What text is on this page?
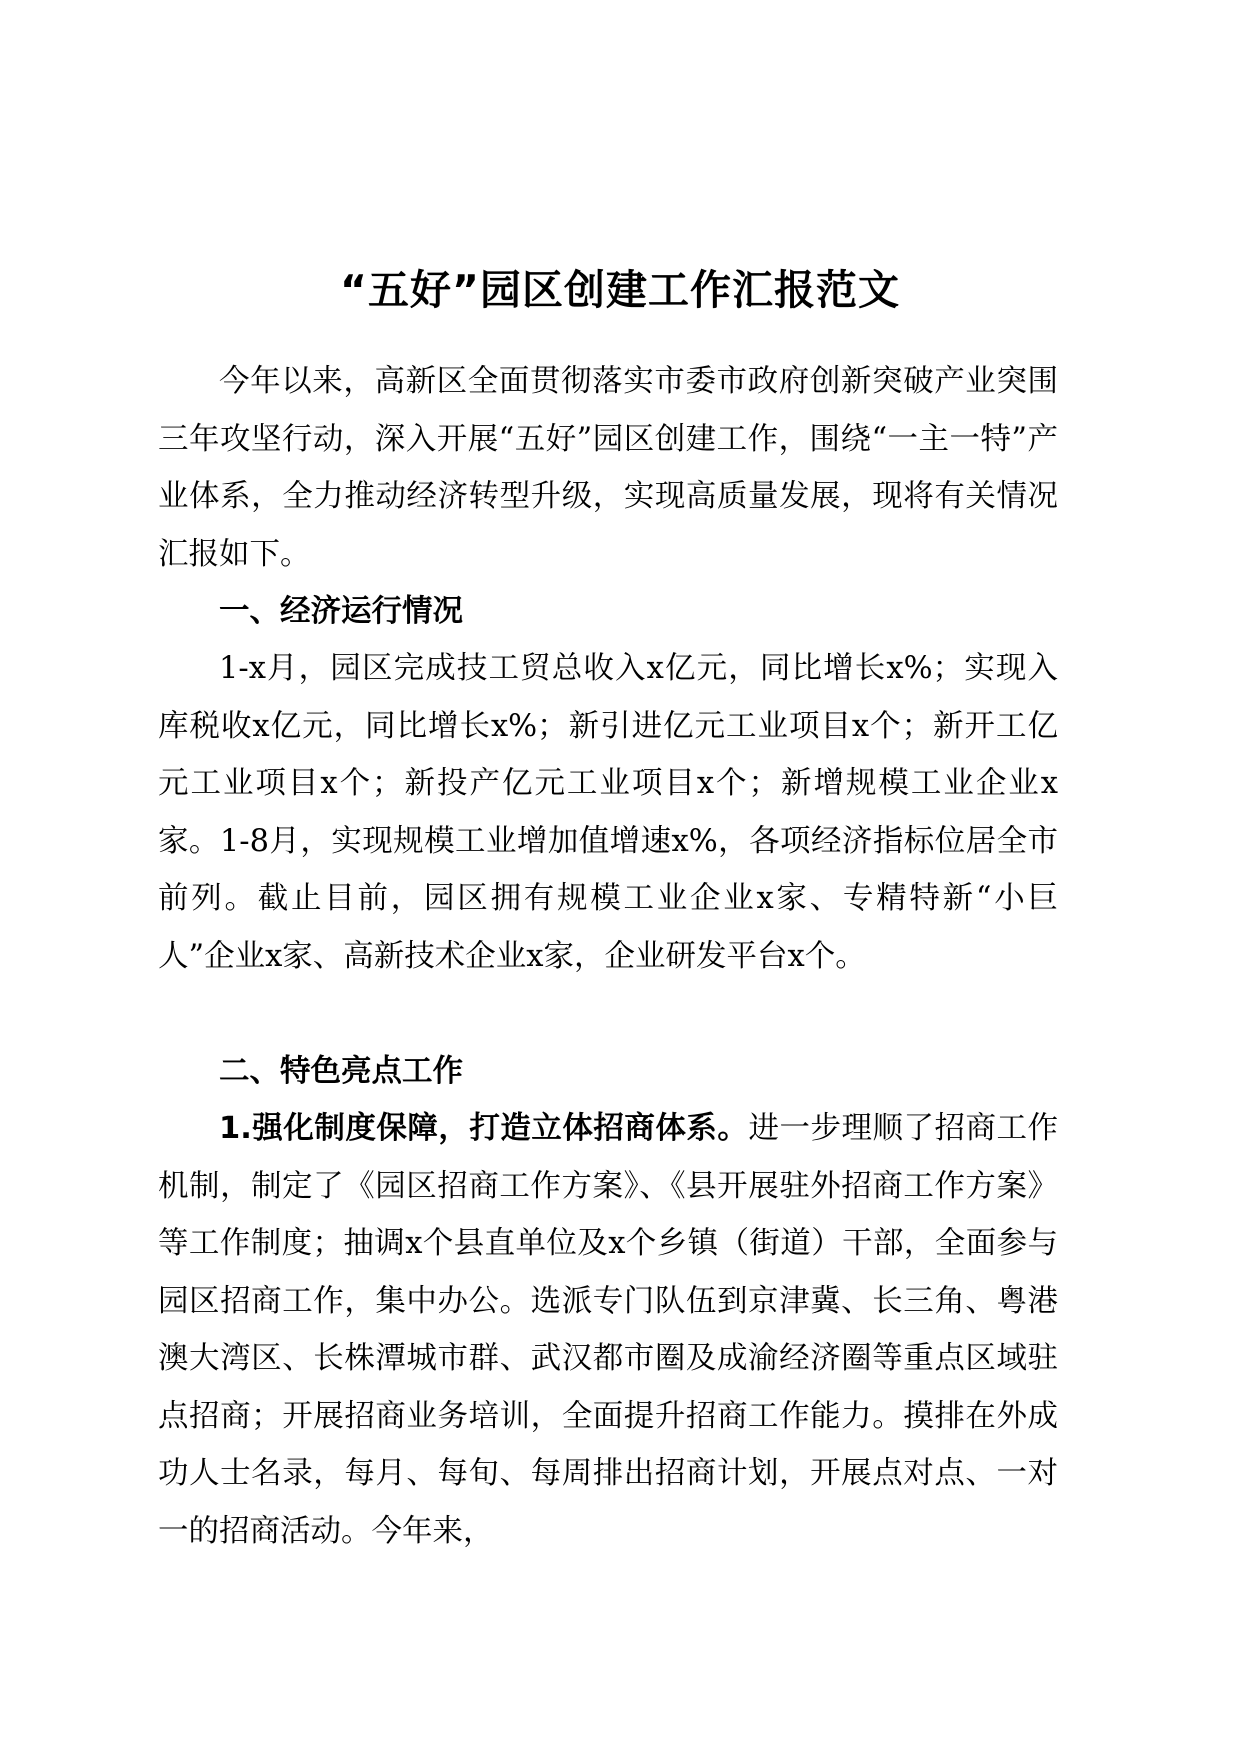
“五好”园区创建工作汇报范文

今年以来，高新区全面贯彻落实市委市政府创新突破产业突围三年攻坚行动，深入开展“五好”园区创建工作，围绕“一主一特”产业体系，全力推动经济转型升级，实现高质量发展，现将有关情况汇报如下。

一、经济运行情况

1-x月，园区完成技工贸总收入x亿元，同比增长x%；实现入库税收x亿元，同比增长x%；新引进亿元工业项目x个；新开工亿元工业项目x个；新投产亿元工业项目x个；新增规模工业企业x家。1-8月，实现规模工业增加值增速x%，各项经济指标位居全市前列。截止目前，园区拥有规模工业企业x家、专精特新“小巨人”企业x家、高新技术企业x家，企业研发平台x个。

二、特色亮点工作

1.强化制度保障，打造立体招商体系。进一步理顺了招商工作机制，制定了《园区招商工作方案》、《县开展驻外招商工作方案》等工作制度；抽调x个县直单位及x个乡镇（街道）干部，全面参与园区招商工作，集中办公。选派专门队伍到京津冀、长三角、粤港澳大湾区、长株潭城市群、武汉都市圈及成渝经济圈等重点区域驻点招商；开展招商业务培训，全面提升招商工作能力。摸排在外成功人士名录，每月、每旬、每周排出招商计划，开展点对点、一对一的招商活动。今年来，
